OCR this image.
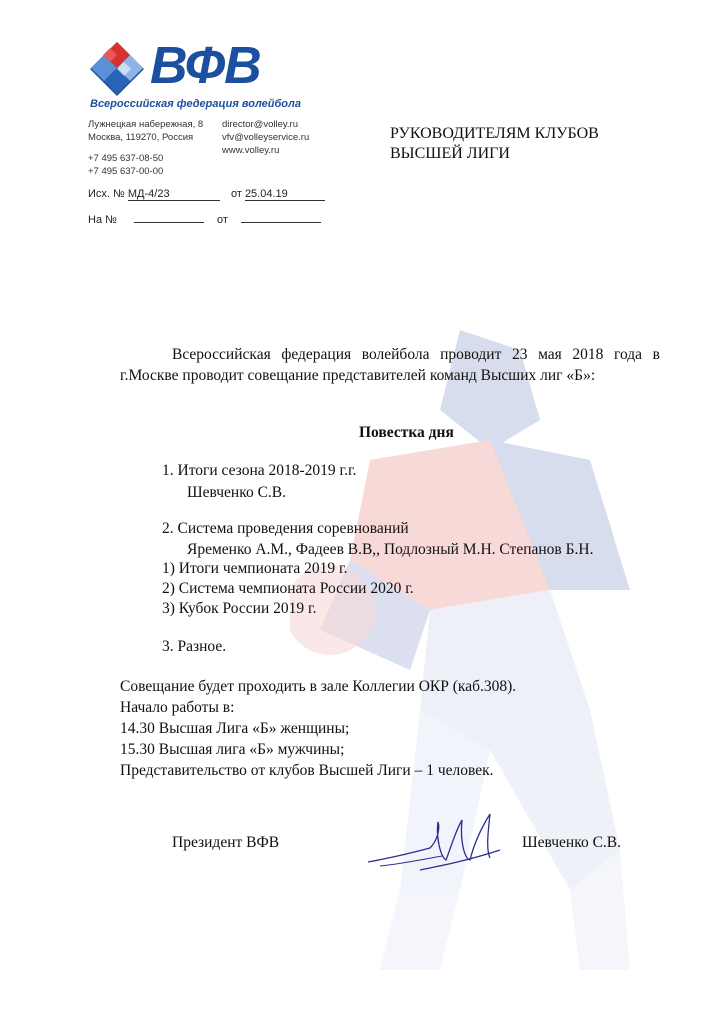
ВФВ
Всероссийская федерация волейбола
Лужнецкая набережная, 8
Москва, 119270, Россия
+7 495 637-08-50
+7 495 637-00-00
director@volley.ru
vfv@volleyservice.ru
www.volley.ru
Исх. № МД-4/23	от 25.04.19
На №	от
РУКОВОДИТЕЛЯМ КЛУБОВ
ВЫСШЕЙ ЛИГИ
Всероссийская федерация волейбола проводит 23 мая 2018 года в
г.Москве проводит совещание представителей команд Высших лиг «Б»:
Повестка дня
1. Итоги сезона 2018-2019 г.г.
Шевченко С.В.
2. Система проведения соревнований
Яременко А.М., Фадеев В.В,, Подлозный М.Н. Степанов Б.Н.
1) Итоги чемпионата 2019 г.
2) Система чемпионата России 2020 г.
3) Кубок России 2019 г.
3. Разное.
Совещание будет проходить в зале Коллегии ОКР (каб.308).
Начало работы в:
14.30 Высшая Лига «Б» женщины;
15.30 Высшая лига «Б» мужчины;
Представительство от клубов Высшей Лиги – 1 человек.
Президент ВФВ	Шевченко С.В.
